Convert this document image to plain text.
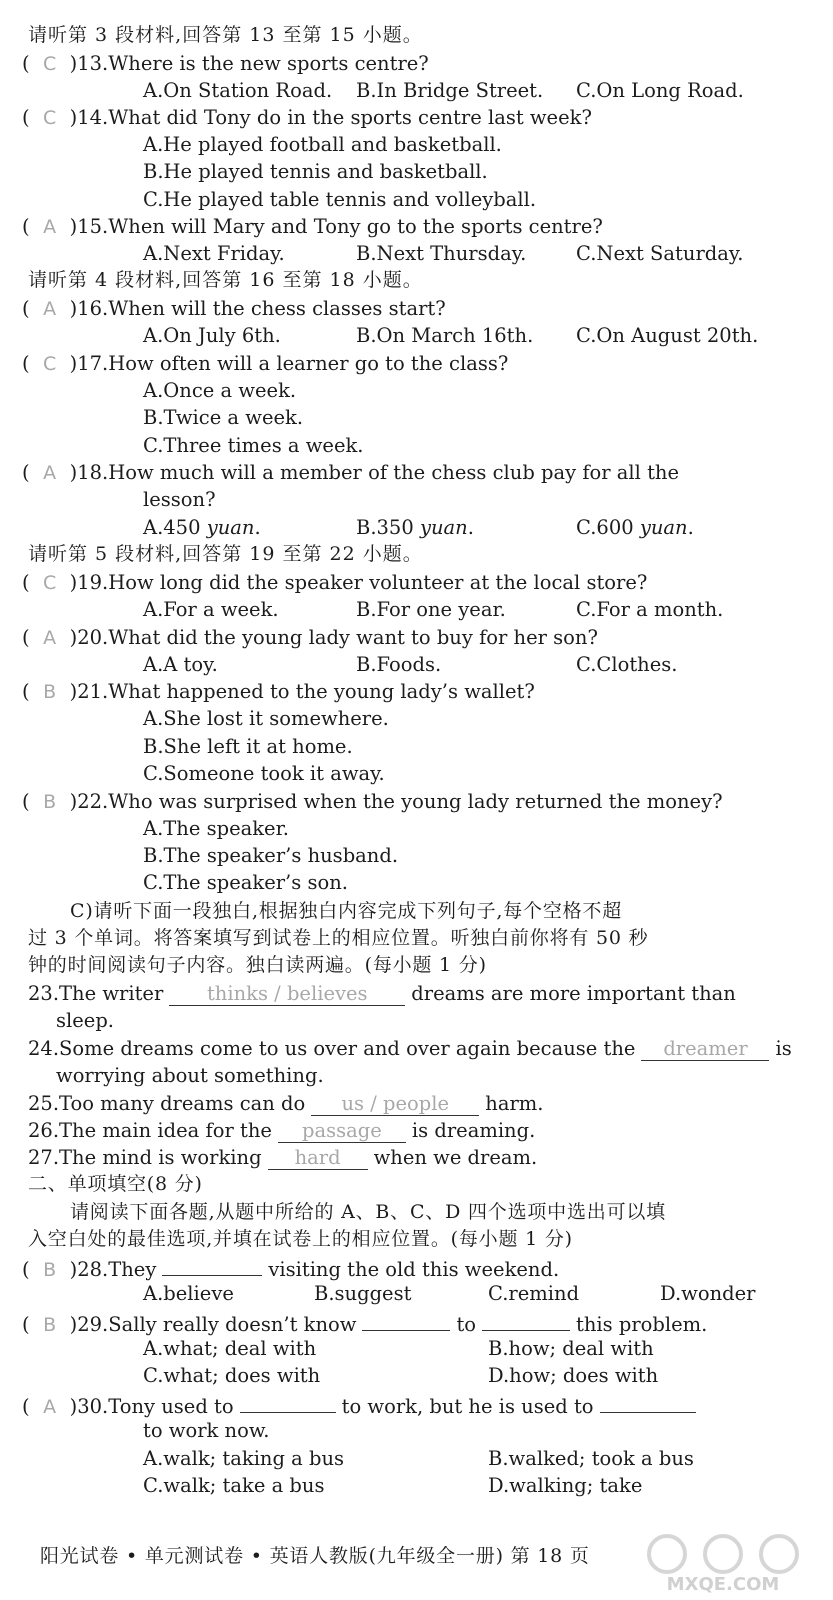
请听第 3 段材料,回答第 13 至第 15 小题。
( C )13.Where is the new sports centre?
A.On Station Road. B.In Bridge Street. C.On Long Road.
( C )14.What did Tony do in the sports centre last week?
A.He played football and basketball.
B.He played tennis and basketball.
C.He played table tennis and volleyball.
( A )15.When will Mary and Tony go to the sports centre?
A.Next Friday.	B.Next Thursday.	C.Next Saturday.
请听第 4 段材料,回答第 16 至第 18 小题。
( A )16.When will the chess classes start?
A.On July 6th.	B.On March 16th. C.On August 20th.
( C )17.How often will a learner go to the class?
A.Once a week.
B.Twice a week.
C.Three times a week.
( A )18.How much will a member of the chess club pay for all the
lesson?
A.450 yuan.	B.350 yuan.	C.600 yuan.
请听第 5 段材料,回答第 19 至第 22 小题。
( C )19.How long did the speaker volunteer at the local store?
A.For a week.	B.For one year.	C.For a month.
( A )20.What did the young lady want to buy for her son?
A.A toy.	B.Foods.	C.Clothes.
( B )21.What happened to the young lady’s wallet?
A.She lost it somewhere.
B.She left it at home.
C.Someone took it away.
( B )22.Who was surprised when the young lady returned the money?
A.The speaker.
B.The speaker’s husband.
C.The speaker’s son.
C)请听下面一段独白,根据独白内容完成下列句子,每个空格不超
过 3 个单词。将答案填写到试卷上的相应位置。听独白前你将有 50 秒
钟的时间阅读句子内容。独白读两遍。(每小题 1 分)
23.The writer thinks / believes dreams are more important than
sleep.
24.Some dreams come to us over and over again because the dreamer is
worrying about something.
25.Too many dreams can do us / people harm.
26.The main idea for the passage is dreaming.
27.The mind is working hard when we dream.
二、单项填空(8 分)
请阅读下面各题,从题中所给的 A、B、C、D 四个选项中选出可以填
入空白处的最佳选项,并填在试卷上的相应位置。(每小题 1 分)
( B )28.They	visiting the old this weekend.
A.believe	B.suggest	C.remind	D.wonder
( B )29.Sally really doesn’t know	to	this problem.
A.what; deal with	B.how; deal with
C.what; does with	D.how; does with
( A )30.Tony used to	to work, but he is used to
to work now.
A.walk; taking a bus	B.walked; took a bus
C.walk; take a bus	D.walking; take
阳光试卷 • 单元测试卷 • 英语人教版(九年级全一册) 第 18 页
MXQE.COM
